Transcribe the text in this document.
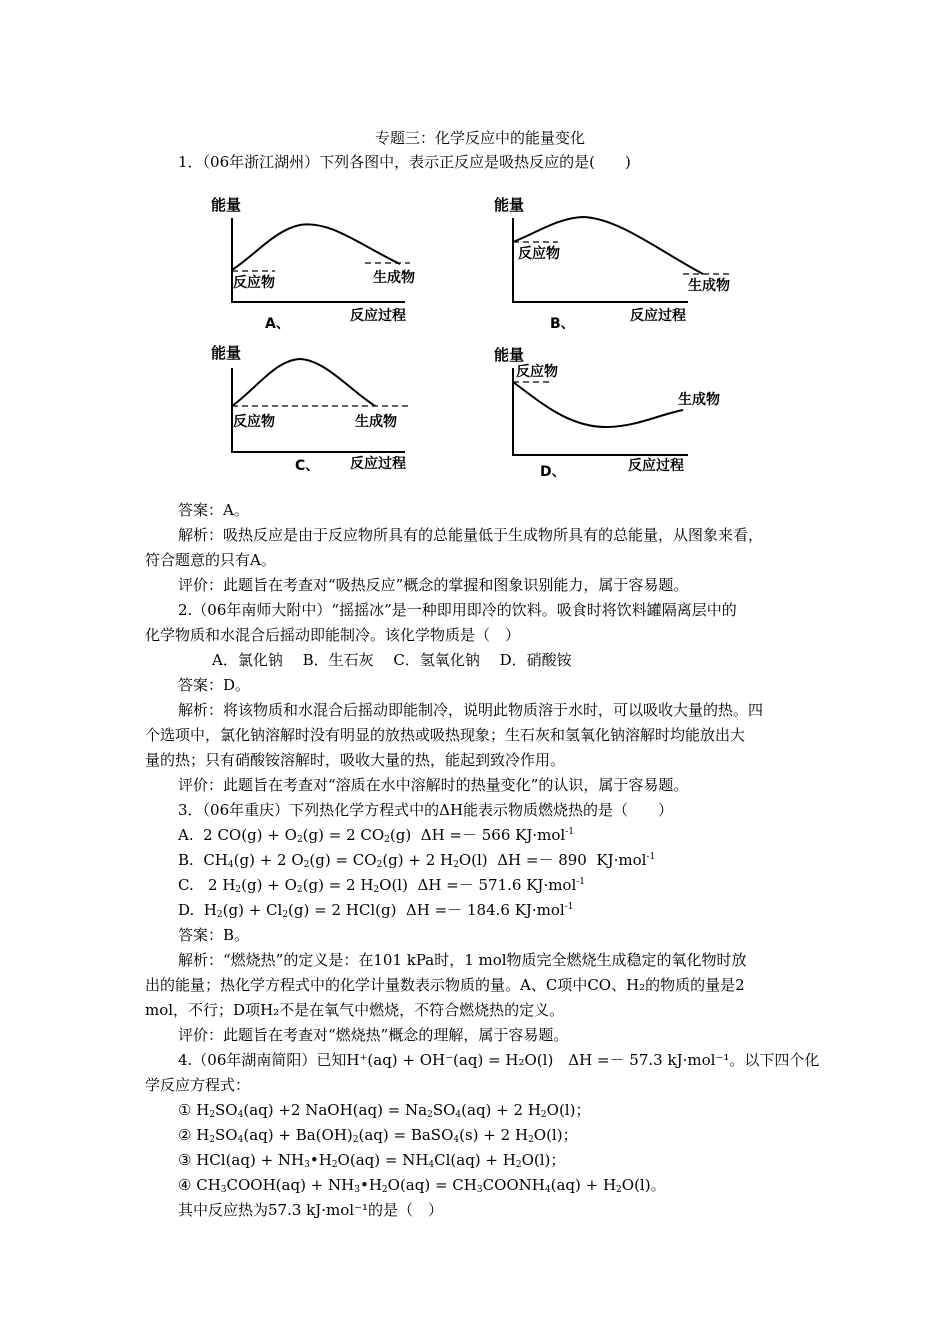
专题三：化学反应中的能量变化
1．（06年浙江湖州）下列各图中，表示正反应是吸热反应的是(　　)
能量
反应物	生成物
A、	反应过程
能量
反应物
生成物
B、	反应过程
能量
反应物	生成物
C、 反应过程
能量
反应物
生成物
D、	反应过程
答案：A。
解析：吸热反应是由于反应物所具有的总能量低于生成物所具有的总能量，从图象来看，
符合题意的只有A。
评价：此题旨在考查对“吸热反应”概念的掌握和图象识别能力，属于容易题。
2.（06年南师大附中）“摇摇冰”是一种即用即冷的饮料。吸食时将饮料罐隔离层中的
化学物质和水混合后摇动即能制冷。该化学物质是（　）
A．氯化钠　 B．生石灰　 C．氢氧化钠　 D．硝酸铵
答案：D。
解析：将该物质和水混合后摇动即能制冷，说明此物质溶于水时，可以吸收大量的热。四
个选项中，氯化钠溶解时没有明显的放热或吸热现象；生石灰和氢氧化钠溶解时均能放出大
量的热；只有硝酸铵溶解时，吸收大量的热，能起到致冷作用。
评价：此题旨在考查对“溶质在水中溶解时的热量变化”的认识，属于容易题。
3．（06年重庆）下列热化学方程式中的ΔH能表示物质燃烧热的是（　　）
A.  2 $CO(g) + O_2(g) = 2$ $CO_2(g) \Delta H =- 566$ KJ·mol$^{-1}$
B.  $CH_4(g) + 2$ $O_2(g) = CO_2(g) + 2$ $H_2O(l) \Delta H =- 890$  KJ·mol$^{-1}$
C.   2 $H_2(g) + O_2(g) = 2$ $H_2O(l) \Delta H =- 571.6$ KJ·mol$^{-1}$
D.  $H_2(g) + Cl_2(g) = 2$ HCl(g)  ΔH =－ 184.6 KJ·mol$^{-1}$
答案：B。
解析：“燃烧热”的定义是：在101 kPa时，1 mol物质完全燃烧生成稳定的氧化物时放
出的能量；热化学方程式中的化学计量数表示物质的量。A、C项中CO、H₂的物质的量是2
mol，不行；D项H₂不是在氧气中燃烧，不符合燃烧热的定义。
评价：此题旨在考查对“燃烧热”概念的理解，属于容易题。
4.（06年湖南简阳）已知H⁺(aq) + OH⁻(aq) = H₂O(l)　ΔH =－ 57.3 kJ·mol⁻¹。以下四个化
学反应方程式：
① $H_2SO_4(aq) +2$ NaOH(aq) = $Na_2SO_4(aq) + 2$ $H_2O(l)$；
② $H_2SO_4(aq) + Ba(OH)_2(aq)$ = BaSO$_4$(s) + 2 $H_2O(l)$；
③ $HCl(aq) + NH_3•H_2O(aq) = NH_4Cl(aq) + H_2O(l)$；
④ $CH_3COOH(aq)$ + $NH_3•H_2O(aq)$ = $CH_3COONH_4(aq) + H_2O(l)$。
其中反应热为57.3 kJ·mol⁻¹的是（　）
